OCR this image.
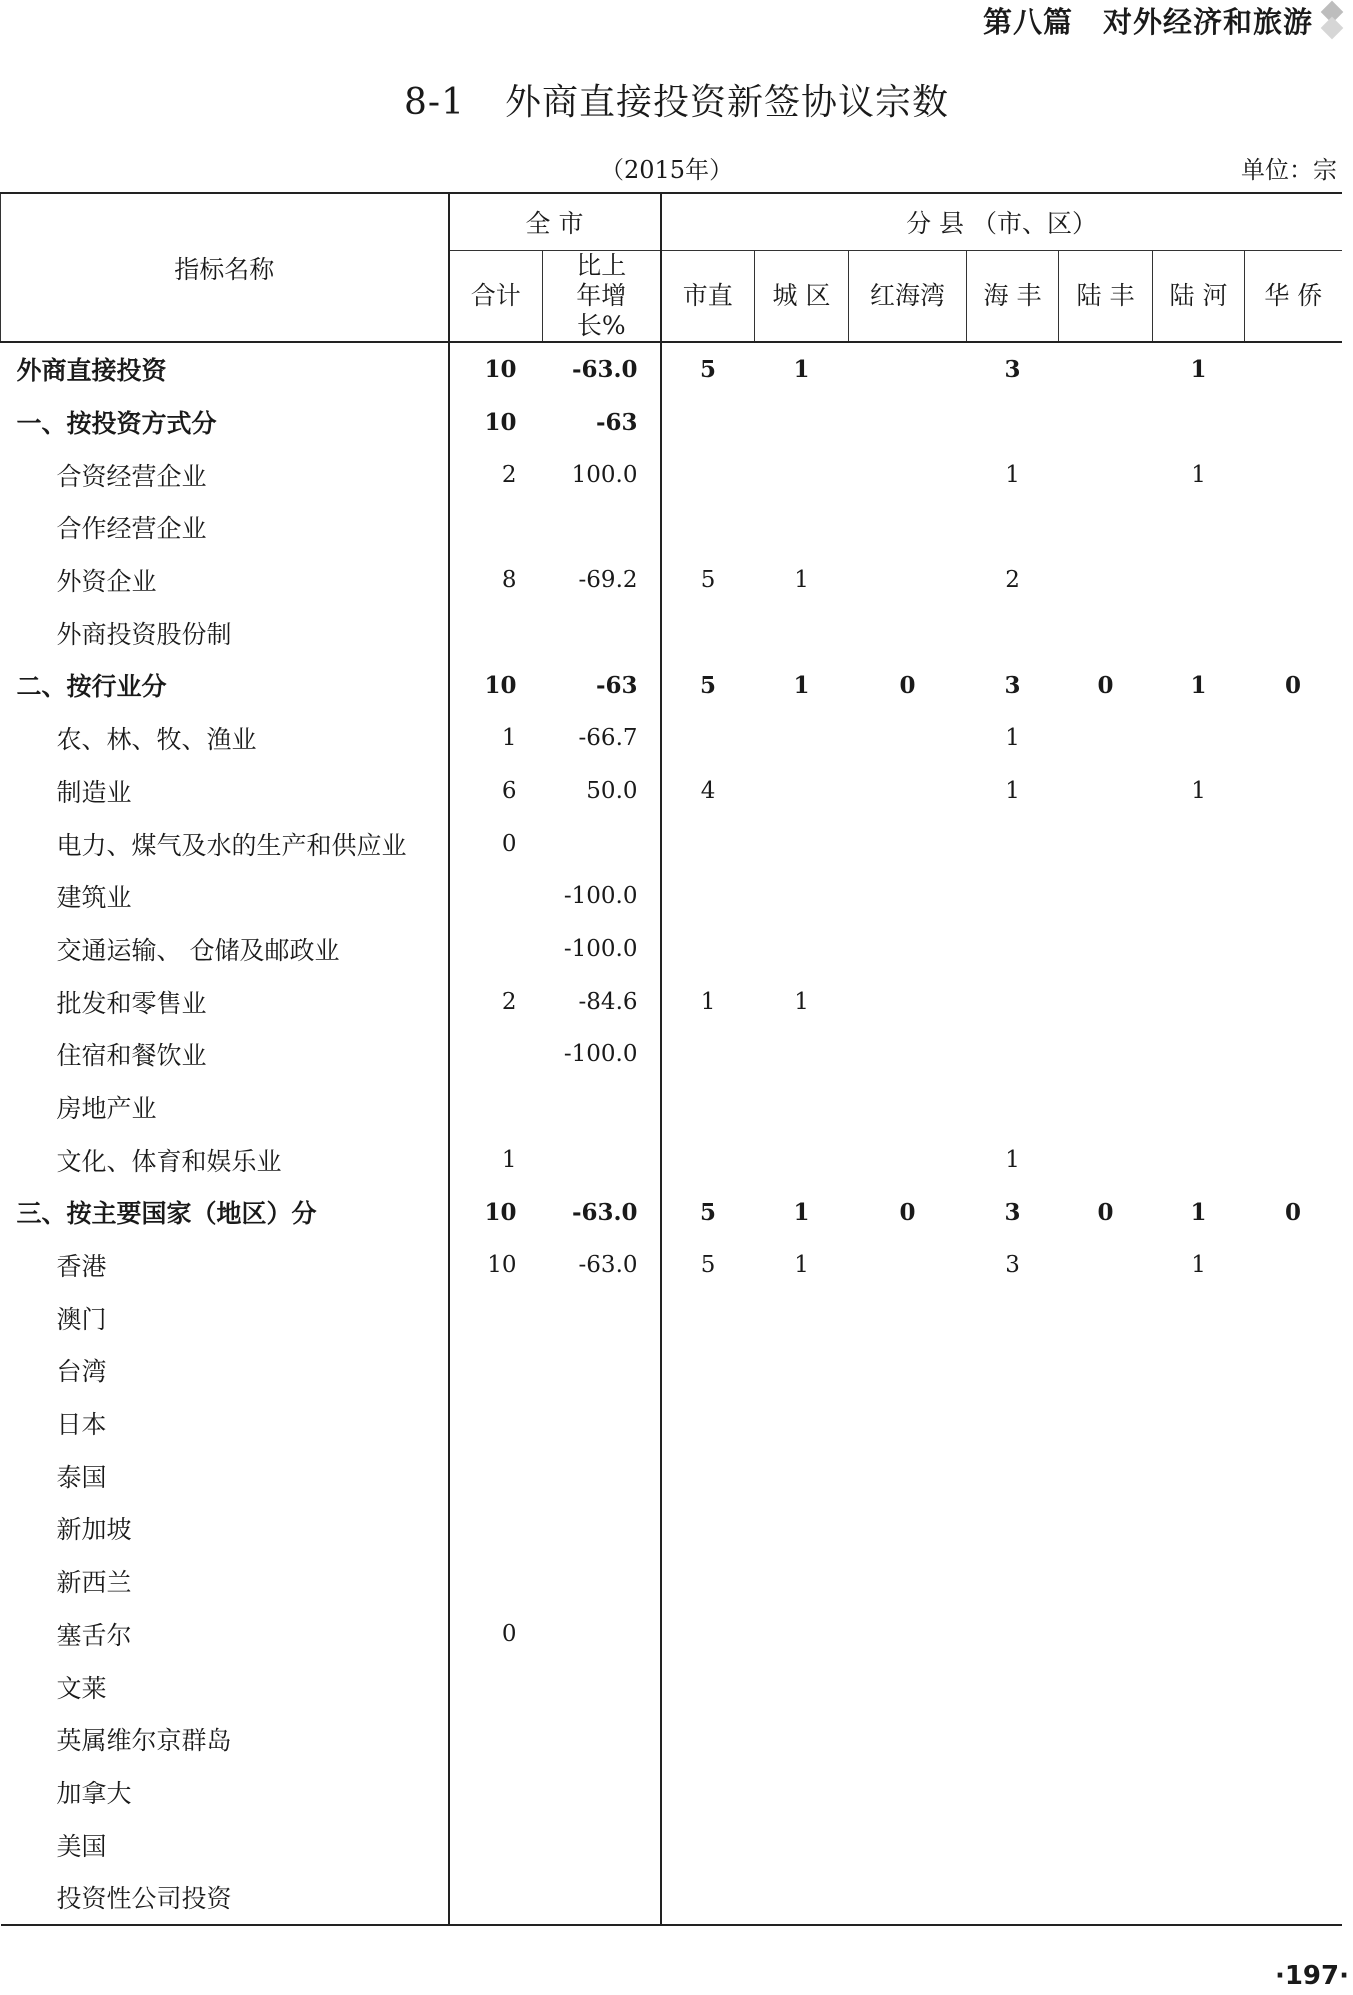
第八篇 对外经济和旅游
8-1 外商直接投资新签协议宗数
（2015年）	单位：宗
指标名称	全 市		分 县 （市、区）						
	合计	比上年增长%	市直	城 区	红海湾	海 丰	陆 丰	陆 河	华 侨
外商直接投资	10	-63.0	5	1		3		1	
一、按投资方式分	10	-63							
合资经营企业	2	100.0				1		1	
合作经营企业									
外资企业	8	-69.2	5	1		2			
外商投资股份制									
二、按行业分	10	-63	5	1	0	3	0	1	0
农、林、牧、渔业	1	-66.7				1			
制造业	6	50.0	4			1		1	
电力、煤气及水的生产和供应业	0								
建筑业		-100.0							
交通运输、 仓储及邮政业		-100.0							
批发和零售业	2	-84.6	1	1					
住宿和餐饮业		-100.0							
房地产业									
文化、体育和娱乐业	1					1			
三、按主要国家（地区）分	10	-63.0	5	1	0	3	0	1	0
香港	10	-63.0	5	1		3		1	
澳门									
台湾									
日本									
泰国									
新加坡									
新西兰									
塞舌尔	0								
文莱									
英属维尔京群岛									
加拿大									
美国									
投资性公司投资									
·197·
